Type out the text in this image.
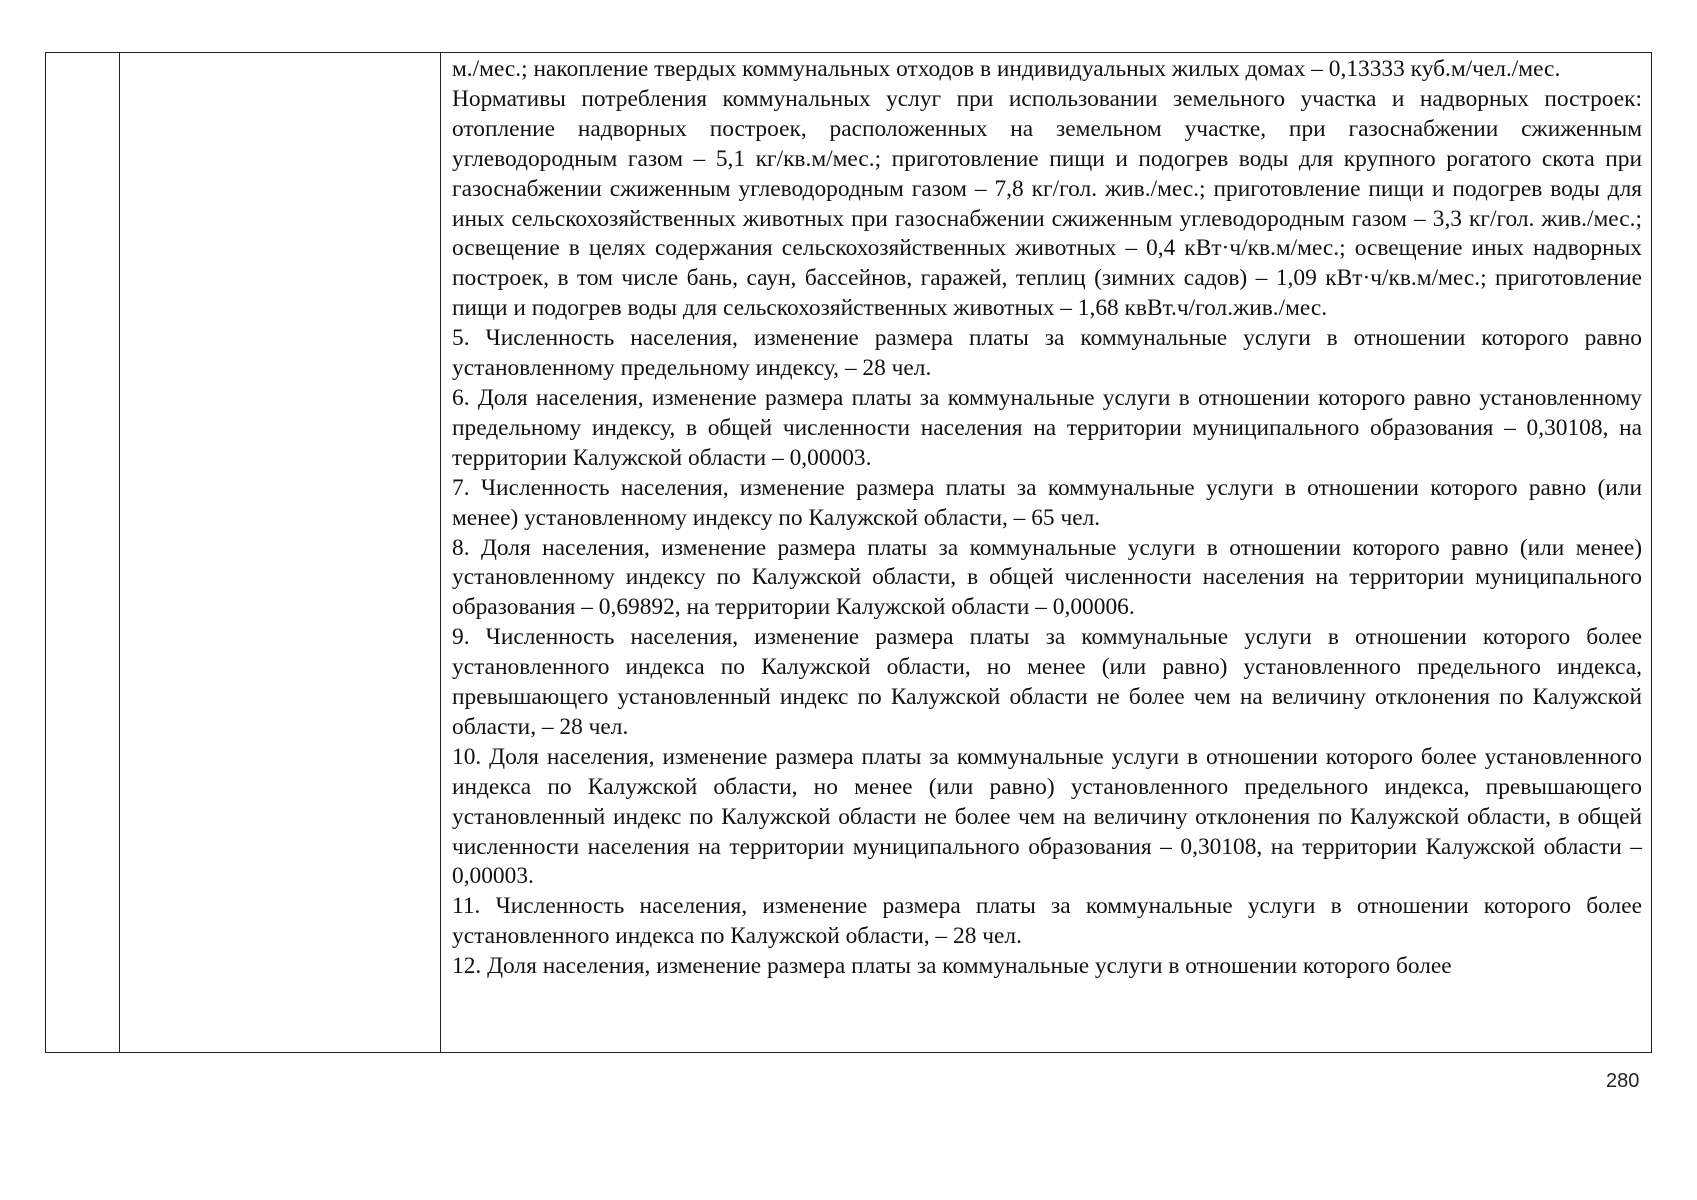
м./мес.; накопление твердых коммунальных отходов в индивидуальных жилых домах – 0,13333 куб.м/чел./мес.

Нормативы потребления коммунальных услуг при использовании земельного участка и надворных построек: отопление надворных построек, расположенных на земельном участке, при газоснабжении сжиженным углеводородным газом – 5,1 кг/кв.м/мес.; приготовление пищи и подогрев воды для крупного рогатого скота при газоснабжении сжиженным углеводородным газом – 7,8 кг/гол. жив./мес.; приготовление пищи и подогрев воды для иных сельскохозяйственных животных при газоснабжении сжиженным углеводородным газом – 3,3 кг/гол. жив./мес.; освещение в целях содержания сельскохозяйственных животных – 0,4 кВт·ч/кв.м/мес.; освещение иных надворных построек, в том числе бань, саун, бассейнов, гаражей, теплиц (зимних садов) – 1,09 кВт·ч/кв.м/мес.; приготовление пищи и подогрев воды для сельскохозяйственных животных – 1,68 квВт.ч/гол.жив./мес.

5. Численность населения, изменение размера платы за коммунальные услуги в отношении которого равно установленному предельному индексу, – 28 чел.

6. Доля населения, изменение размера платы за коммунальные услуги в отношении которого равно установленному предельному индексу, в общей численности населения на территории муниципального образования – 0,30108, на территории Калужской области – 0,00003.

7. Численность населения, изменение размера платы за коммунальные услуги в отношении которого равно (или менее) установленному индексу по Калужской области, – 65 чел.

8. Доля населения, изменение размера платы за коммунальные услуги в отношении которого равно (или менее) установленному индексу по Калужской области, в общей численности населения на территории муниципального образования – 0,69892, на территории Калужской области – 0,00006.

9. Численность населения, изменение размера платы за коммунальные услуги в отношении которого более установленного индекса по Калужской области, но менее (или равно) установленного предельного индекса, превышающего установленный индекс по Калужской области не более чем на величину отклонения по Калужской области, – 28 чел.

10. Доля населения, изменение размера платы за коммунальные услуги в отношении которого более установленного индекса по Калужской области, но менее (или равно) установленного предельного индекса, превышающего установленный индекс по Калужской области не более чем на величину отклонения по Калужской области, в общей численности населения на территории муниципального образования – 0,30108, на территории Калужской области – 0,00003.

11. Численность населения, изменение размера платы за коммунальные услуги в отношении которого более установленного индекса по Калужской области, – 28 чел.

12. Доля населения, изменение размера платы за коммунальные услуги в отношении которого более

280
